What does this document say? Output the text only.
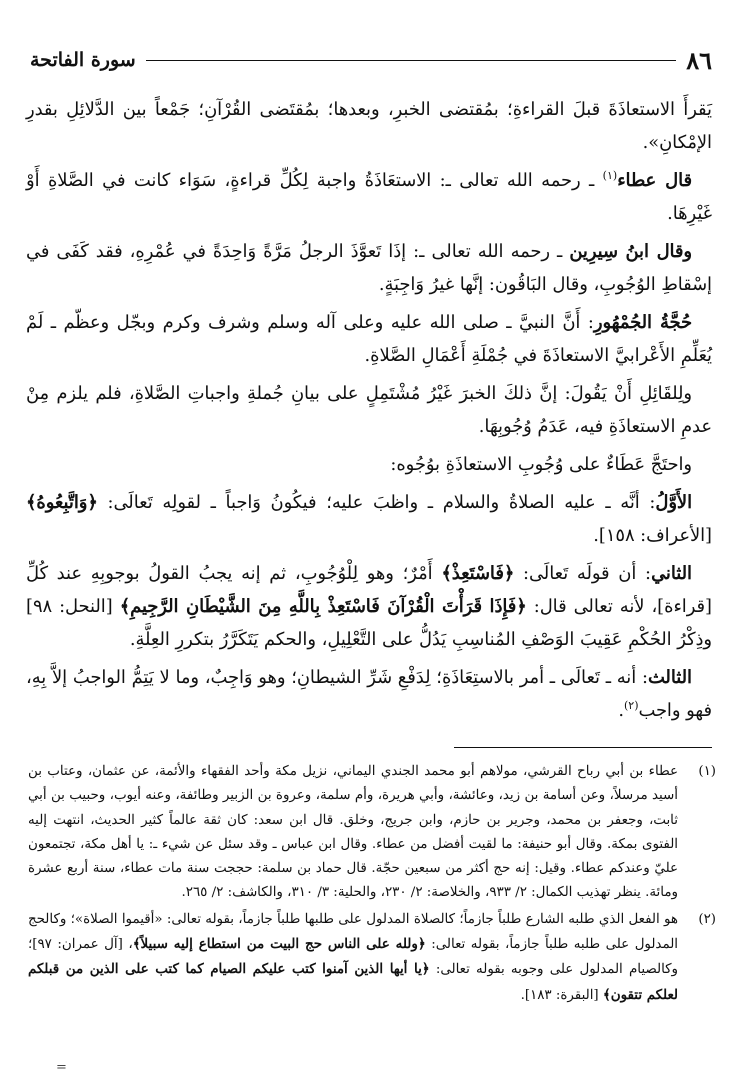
٨٦
سورة الفاتحة

يَقرأَ الاستعاذَةَ قبلَ القراءةِ؛ بمُقتضى الخبرِ، وبعدها؛ بمُقتَضى القُرْآنِ؛ جَمْعاً بين الدَّلائِلِ بقدرِ الإمْكانِ».

قال عطاء$^{(١)}$ ـ رحمه الله تعالى ـ: الاستعَاذَةُ واجبة لِكُلِّ قراءةٍ، سَوَاء كانت في الصَّلاةِ أَوْ غَيْرِهَا.

وقال ابنُ سِيرِين ـ رحمه الله تعالى ـ: إذَا تَعوَّذَ الرجلُ مَرَّةً وَاحِدَةً في عُمْرِهِ، فقد كَفَى في إسْقاطِ الوُجُوبِ، وقال البَاقُون: إنَّها غيرُ وَاجِبَةٍ.

حُجَّةُ الجُمْهُورِ: أَنَّ النبيَّ ـ صلى الله عليه وعلى آله وسلم وشرف وكرم وبجّل وعظّم ـ لَمْ يُعَلِّمِ الأَعْرابيَّ الاستعاذَةَ في جُمْلَةِ أَعْمَالِ الصَّلاةِ.

ولِلقَائِلِ أَنْ يَقُولَ: إنَّ ذلكَ الخبرَ غَيْرُ مُشْتَمِلٍ على بيانِ جُملةِ واجباتِ الصَّلاةِ، فلم يلزم مِنْ عدمِ الاستعاذَةِ فيه، عَدَمُ وُجُوبِهَا.

واحتَجَّ عَطَاءٌ على وُجُوبِ الاستعاذَةِ بوُجُوه:

الأَوَّلُ: أنَّه ـ عليه الصلاةُ والسلام ـ واظبَ عليه؛ فيكُونُ وَاجباً ـ لقولِه تَعالَى: ﴿وَاتَّبِعُوهُ﴾ [الأعراف: ١٥٨].

الثاني: أن قولَه تَعالَى: ﴿فَاسْتَعِذْ﴾ أَمْرٌ؛ وهو لِلْوُجُوبِ، ثم إنه يجبُ القولُ بوجوبِهِ عند كُلِّ [قراءة]، لأنه تعالى قال: ﴿فَإِذَا قَرَأْتَ الْقُرْآنَ فَاسْتَعِذْ بِاللَّهِ مِنَ الشَّيْطَانِ الرَّجِيمِ﴾ [النحل: ٩٨] وذِكْرُ الحُكْمِ عَقِيبَ الوَصْفِ المُناسِبِ يَدُلُّ على التَّعْلِيلِ، والحكم يَتَكَرَّرُ بتكررِ العِلَّةِ.

الثالث: أنه ـ تَعالَى ـ أمر بالاستِعَاذَةِ؛ لِدَفْعِ شَرِّ الشيطانِ؛ وهو وَاجِبٌ، وما لا يَتِمُّ الواجبُ إلاَّ بِهِ، فهو واجب$^{(٢)}$.

(١)
عطاء بن أبي رباح القرشي، مولاهم أبو محمد الجندي اليماني، نزيل مكة وأحد الفقهاء والأئمة، عن عثمان، وعتاب بن أسيد مرسلاً، وعن أسامة بن زيد، وعائشة، وأبي هريرة، وأم سلمة، وعروة بن الزبير وطائفة، وعنه أيوب، وحبيب بن أبي ثابت، وجعفر بن محمد، وجرير بن حازم، وابن جريج، وخلق. قال ابن سعد: كان ثقة عالماً كثير الحديث، انتهت إليه الفتوى بمكة. وقال أبو حنيفة: ما لقيت أفضل من عطاء. وقال ابن عباس ـ وقد سئل عن شيء ـ: يا أهل مكة، تجتمعون عليّ وعندكم عطاء. وقيل: إنه حج أكثر من سبعين حجّة. قال حماد بن سلمة: حججت سنة مات عطاء، سنة أربع عشرة ومائة. ينظر تهذيب الكمال: ٢/ ٩٣٣، والخلاصة: ٢/ ٢٣٠، والحلية: ٣/ ٣١٠، والكاشف: ٢/ ٢٦٥.
(٢)
هو الفعل الذي طلبه الشارع طلباً جازماً؛ كالصلاة المدلول على طلبها طلباً جازماً، بقوله تعالى: «أقيموا الصلاة»؛ وكالحج المدلول على طلبه طلباً جازماً، بقوله تعالى: ﴿ولله على الناس حج البيت من استطاع إليه سبيلاً﴾، [آل عمران: ٩٧]؛ وكالصيام المدلول على وجوبه بقوله تعالى: ﴿يا أيها الذين آمنوا كتب عليكم الصيام كما كتب على الذين من قبلكم لعلكم تتقون﴾ [البقرة: ١٨٣].
=
